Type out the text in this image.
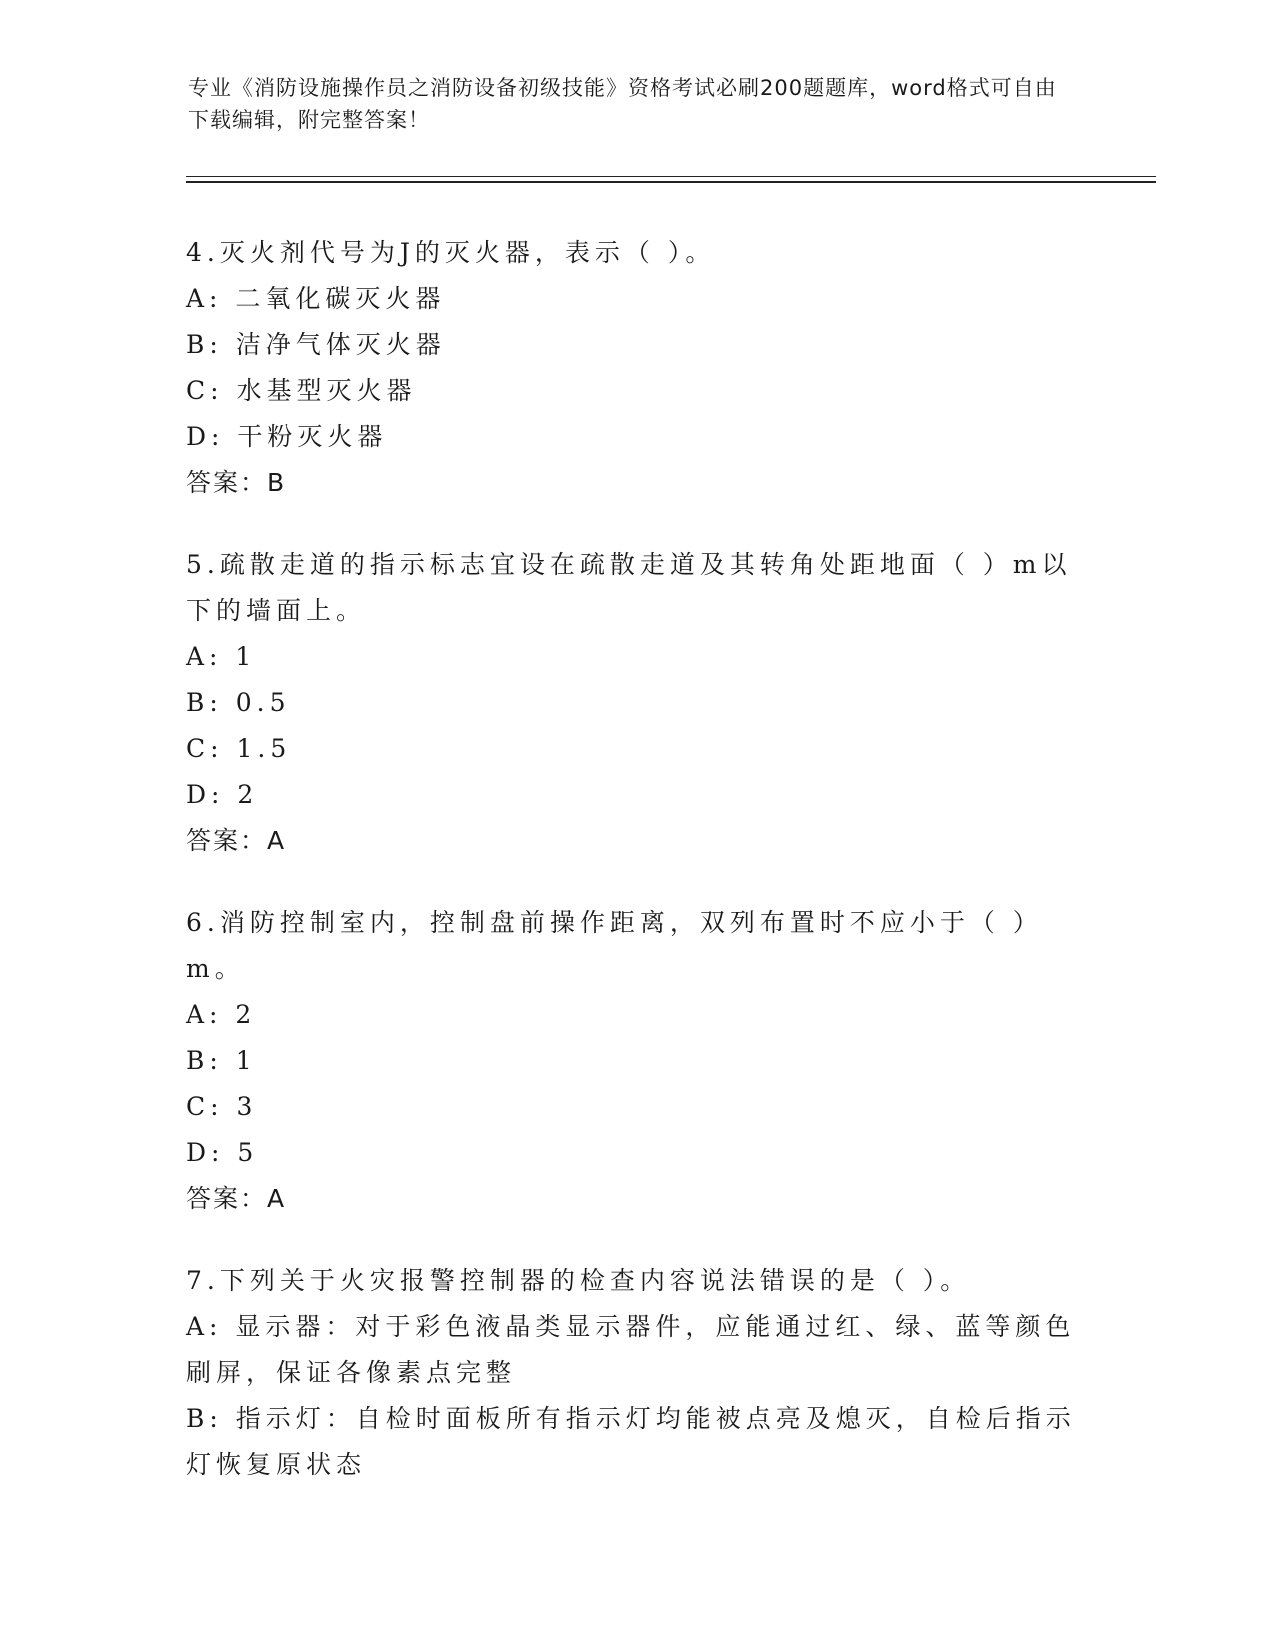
专业《消防设施操作员之消防设备初级技能》资格考试必刷200题题库，word格式可自由下载编辑，附完整答案！

4.灭火剂代号为J的灭火器，表示（ ）。

A: 二氧化碳灭火器

B: 洁净气体灭火器

C: 水基型灭火器

D: 干粉灭火器

答案：B

5.疏散走道的指示标志宜设在疏散走道及其转角处距地面（ ）m以下的墙面上。

A: 1

B: 0.5

C: 1.5

D: 2

答案：A

6.消防控制室内，控制盘前操作距离，双列布置时不应小于（ ）m。

A: 2

B: 1

C: 3

D: 5

答案：A

7.下列关于火灾报警控制器的检查内容说法错误的是（ ）。

A: 显示器：对于彩色液晶类显示器件，应能通过红、绿、蓝等颜色刷屏，保证各像素点完整

B: 指示灯：自检时面板所有指示灯均能被点亮及熄灭，自检后指示灯恢复原状态
